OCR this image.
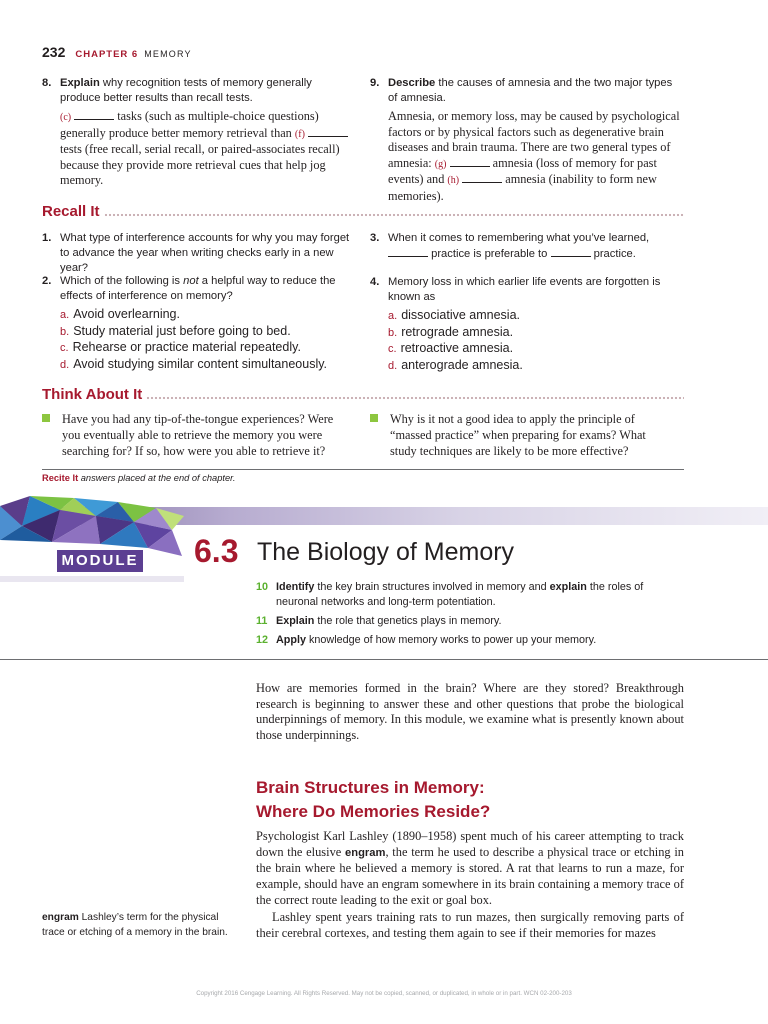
232 CHAPTER 6 MEMORY
8. Explain why recognition tests of memory generally produce better results than recall tests.
(c)	tasks (such as multiple-choice questions) generally produce better memory retrieval than (f)  tests (free recall, serial recall, or paired-associates recall) because they provide more retrieval cues that help jog memory.
9. Describe the causes of amnesia and the two major types of amnesia.
Amnesia, or memory loss, may be caused by psychological factors or by physical factors such as degenerative brain diseases and brain trauma. There are two general types of amnesia: (g)	amnesia (loss of memory for past events) and (h)	amnesia (inability to form new memories).
Recall It
1. What type of interference accounts for why you may forget to advance the year when writing checks early in a new year?
2. Which of the following is not a helpful way to reduce the effects of interference on memory?
a. Avoid overlearning.
b. Study material just before going to bed.
c. Rehearse or practice material repeatedly.
d. Avoid studying similar content simultaneously.
3. When it comes to remembering what you’ve learned,  practice is preferable to	practice.
4. Memory loss in which earlier life events are forgotten is known as
a. dissociative amnesia.
b. retrograde amnesia.
c. retroactive amnesia.
d. anterograde amnesia.
Think About It
Have you had any tip-of-the-tongue experiences? Were you eventually able to retrieve the memory you were searching for? If so, how were you able to retrieve it?
Why is it not a good idea to apply the principle of “massed practice” when preparing for exams? What study techniques are likely to be more effective?
Recite It answers placed at the end of chapter.
MODULE 6.3 The Biology of Memory
10 Identify the key brain structures involved in memory and explain the roles of neuronal networks and long-term potentiation.
11 Explain the role that genetics plays in memory.
12 Apply knowledge of how memory works to power up your memory.
How are memories formed in the brain? Where are they stored? Breakthrough research is beginning to answer these and other questions that probe the biological underpinnings of memory. In this module, we examine what is presently known about those underpinnings.
Brain Structures in Memory:
Where Do Memories Reside?
Psychologist Karl Lashley (1890–1958) spent much of his career attempting to track down the elusive engram, the term he used to describe a physical trace or etching in the brain where he believed a memory is stored. A rat that learns to run a maze, for example, should have an engram somewhere in its brain containing a memory trace of the correct route leading to the exit or goal box.
Lashley spent years training rats to run mazes, then surgically removing parts of their cerebral cortexes, and testing them again to see if their memories for mazes
engram Lashley’s term for the physical trace or etching of a memory in the brain.
Copyright 2016 Cengage Learning. All Rights Reserved. May not be copied, scanned, or duplicated, in whole or in part. WCN 02-200-203
